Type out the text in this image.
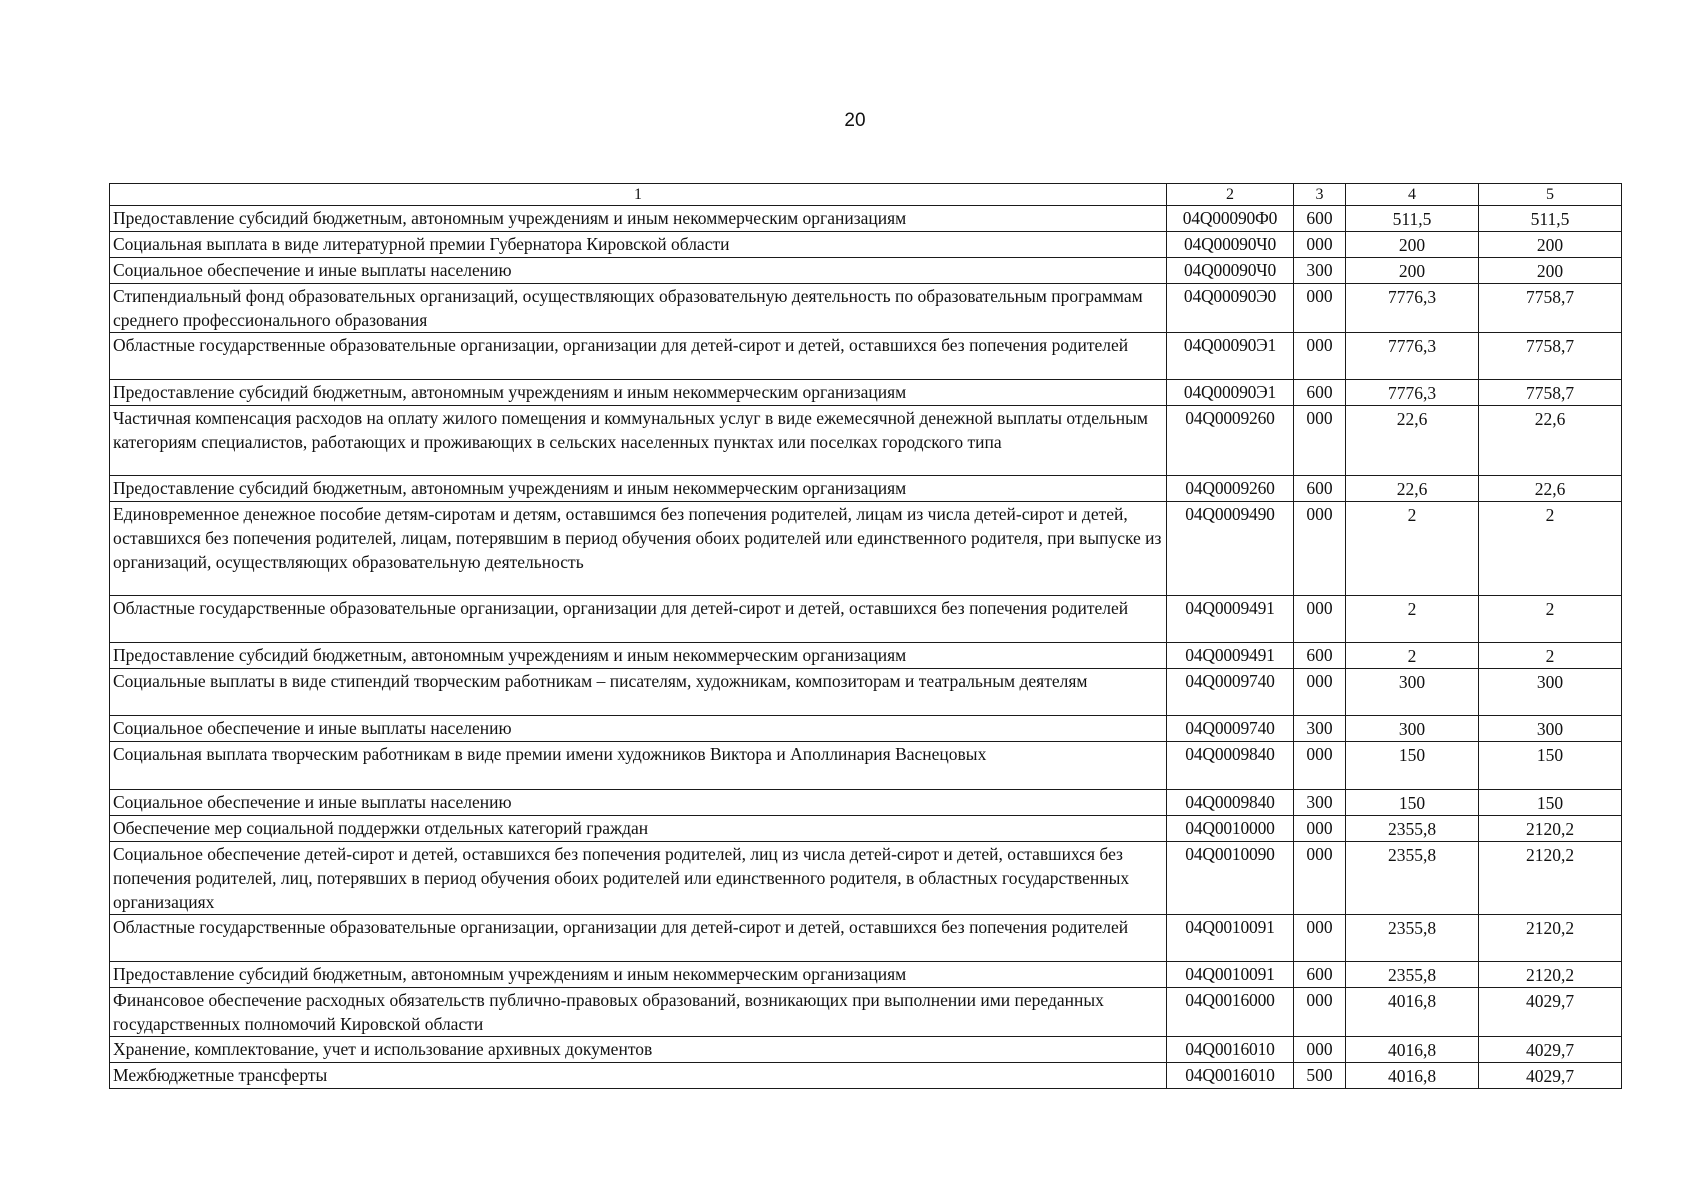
20
1	2	3	4	5
Предоставление субсидий бюджетным, автономным учреждениям и иным некоммерческим организациям	04Q00090Ф0	600	511,5	511,5
Социальная выплата в виде литературной премии Губернатора Кировской области	04Q00090Ч0	000	200	200
Социальное обеспечение и иные выплаты населению	04Q00090Ч0	300	200	200
Стипендиальный фонд образовательных организаций, осуществляющих образовательную деятельность по образовательным программам среднего профессионального образования	04Q00090Э0	000	7776,3	7758,7
Областные государственные образовательные организации, организации для детей-сирот и детей, оставшихся без попечения родителей	04Q00090Э1	000	7776,3	7758,7
Предоставление субсидий бюджетным, автономным учреждениям и иным некоммерческим организациям	04Q00090Э1	600	7776,3	7758,7
Частичная компенсация расходов на оплату жилого помещения и коммунальных услуг в виде ежемесячной денежной выплаты отдельным категориям специалистов, работающих и проживающих в сельских населенных пунктах или поселках городского типа	04Q0009260	000	22,6	22,6
Предоставление субсидий бюджетным, автономным учреждениям и иным некоммерческим организациям	04Q0009260	600	22,6	22,6
Единовременное денежное пособие детям-сиротам и детям, оставшимся без попечения родителей, лицам из числа детей-сирот и детей, оставшихся без попечения родителей, лицам, потерявшим в период обучения обоих родителей или единственного родителя, при выпуске из организаций, осуществляющих образовательную деятельность	04Q0009490	000	2	2
Областные государственные образовательные организации, организации для детей-сирот и детей, оставшихся без попечения родителей	04Q0009491	000	2	2
Предоставление субсидий бюджетным, автономным учреждениям и иным некоммерческим организациям	04Q0009491	600	2	2
Социальные выплаты в виде стипендий творческим работникам – писателям, художникам, композиторам и театральным деятелям	04Q0009740	000	300	300
Социальное обеспечение и иные выплаты населению	04Q0009740	300	300	300
Социальная выплата творческим работникам в виде премии имени художников Виктора и Аполлинария Васнецовых	04Q0009840	000	150	150
Социальное обеспечение и иные выплаты населению	04Q0009840	300	150	150
Обеспечение мер социальной поддержки отдельных категорий граждан	04Q0010000	000	2355,8	2120,2
Социальное обеспечение детей-сирот и детей, оставшихся без попечения родителей, лиц из числа детей-сирот и детей, оставшихся без попечения родителей, лиц, потерявших в период обучения обоих родителей или единственного родителя, в областных государственных организациях	04Q0010090	000	2355,8	2120,2
Областные государственные образовательные организации, организации для детей-сирот и детей, оставшихся без попечения родителей	04Q0010091	000	2355,8	2120,2
Предоставление субсидий бюджетным, автономным учреждениям и иным некоммерческим организациям	04Q0010091	600	2355,8	2120,2
Финансовое обеспечение расходных обязательств публично-правовых образований, возникающих при выполнении ими переданных государственных полномочий Кировской области	04Q0016000	000	4016,8	4029,7
Хранение, комплектование, учет и использование архивных документов	04Q0016010	000	4016,8	4029,7
Межбюджетные трансферты	04Q0016010	500	4016,8	4029,7
